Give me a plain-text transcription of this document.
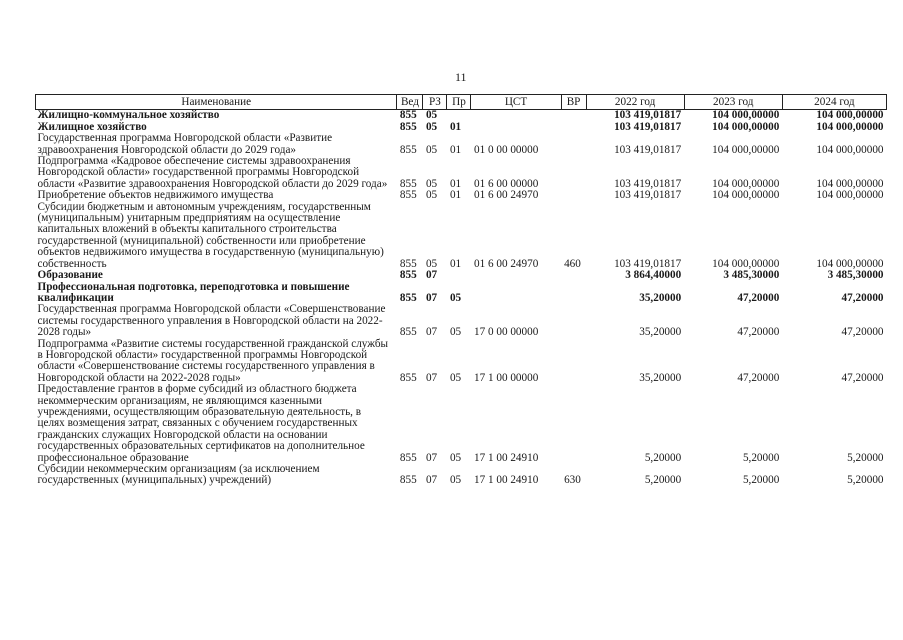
11
Наименование	Вед	РЗ	Пр	ЦСТ	ВР	2022 год	2023 год	2024 год
Жилищно-коммунальное хозяйство	855	05				103 419,01817	104 000,00000	104 000,00000
Жилищное хозяйство	855	05	01			103 419,01817	104 000,00000	104 000,00000
Государственная программа Новгородской области «Развитие здравоохранения Новгородской области до 2029 года»	855	05	01	01 0 00 00000		103 419,01817	104 000,00000	104 000,00000
Подпрограмма «Кадровое обеспечение системы здравоохранения Новгородской области» государственной программы Новгородской области «Развитие здравоохранения Новгородской области до 2029 года»	855	05	01	01 6 00 00000		103 419,01817	104 000,00000	104 000,00000
Приобретение объектов недвижимого имущества	855	05	01	01 6 00 24970		103 419,01817	104 000,00000	104 000,00000
Субсидии бюджетным и автономным учреждениям, государственным (муниципальным) унитарным предприятиям на осуществление капитальных вложений в объекты капитального строительства государственной (муниципальной) собственности или приобретение объектов недвижимого имущества в государственную (муниципальную) собственность	855	05	01	01 6 00 24970	460	103 419,01817	104 000,00000	104 000,00000
Образование	855	07				3 864,40000	3 485,30000	3 485,30000
Профессиональная подготовка, переподготовка и повышение квалификации	855	07	05			35,20000	47,20000	47,20000
Государственная программа Новгородской области «Совершенствование системы государственного управления в Новгородской области на 2022-2028 годы»	855	07	05	17 0 00 00000		35,20000	47,20000	47,20000
Подпрограмма «Развитие системы государственной гражданской службы в Новгородской области» государственной программы Новгородской области «Совершенствование системы государственного управления в Новгородской области на 2022-2028 годы»	855	07	05	17 1 00 00000		35,20000	47,20000	47,20000
Предоставление грантов в форме субсидий из областного бюджета некоммерческим организациям, не являющимся казенными учреждениями, осуществляющим образовательную деятельность, в целях возмещения затрат, связанных с обучением государственных гражданских служащих Новгородской области на основании государственных образовательных сертификатов на дополнительное профессиональное образование	855	07	05	17 1 00 24910		5,20000	5,20000	5,20000
Субсидии некоммерческим организациям (за исключением государственных (муниципальных) учреждений)	855	07	05	17 1 00 24910	630	5,20000	5,20000	5,20000
